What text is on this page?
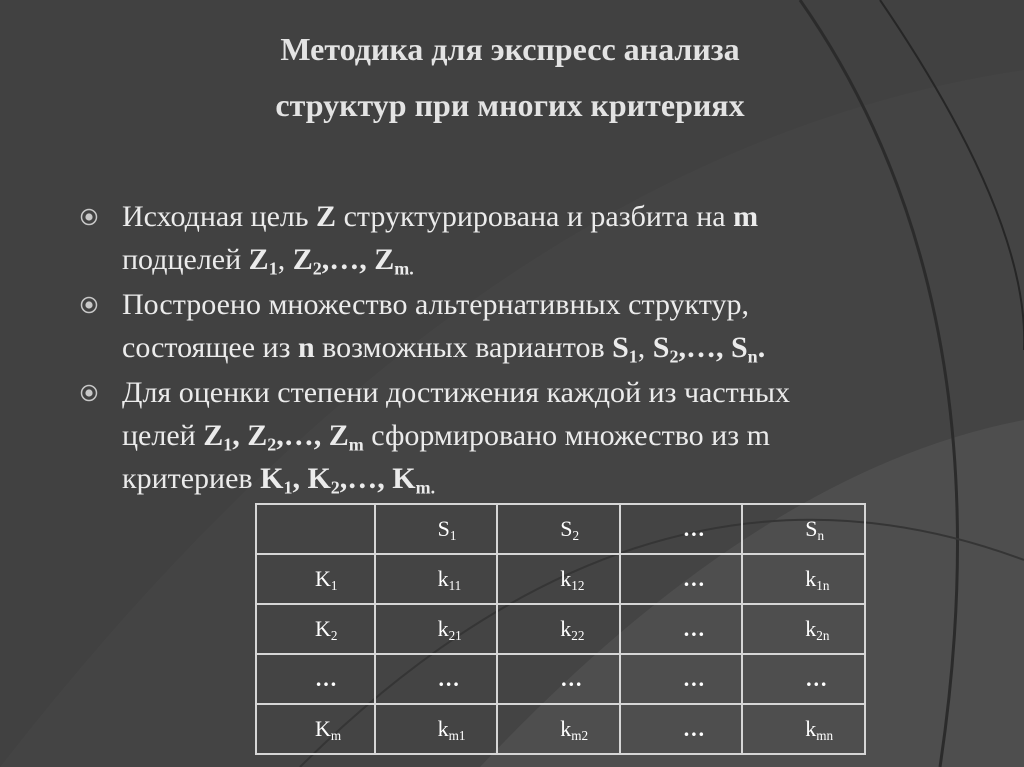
Методика для экспресс анализа
структур при многих критериях
Исходная цель Z структурирована и разбита на m
подцелей $Z_1$, $Z_2,\dots$, $Z_{m.}$
Построено множество альтернативных структур,
состоящее из n возможных вариантов $S_1$, $S_2,\dots$, $S_n$.
Для оценки степени достижения каждой из частных
целей $Z_1$, $Z_2,\dots$, $Z_m$ сформировано множество из m
критериев $K_1$, $K_2,\dots$, $K_{m.}$
	$S_1$	$S_2$	…	$S_n$
$K_1$	$k_{11}$	$k_{12}$	…	$k_{1n}$
$K_2$	$k_{21}$	$k_{22}$	…	$k_{2n}$
…	…	…	…	…
$K_m$	$k_{m1}$	$k_{m2}$	…	$k_{mn}$
